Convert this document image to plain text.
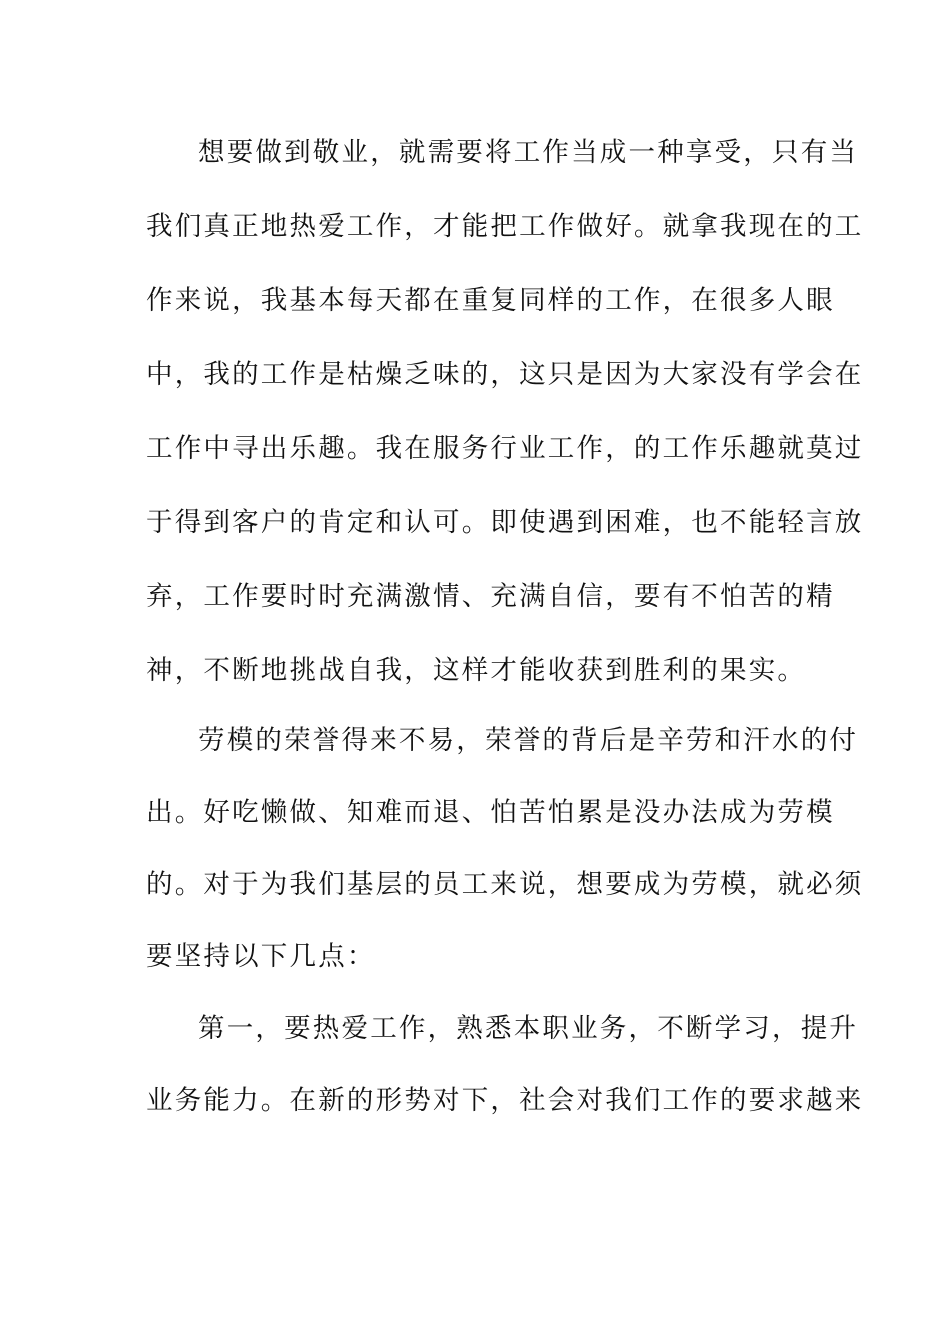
想要做到敬业，就需要将工作当成一种享受，只有当
我们真正地热爱工作，才能把工作做好。就拿我现在的工
作来说，我基本每天都在重复同样的工作，在很多人眼
中，我的工作是枯燥乏味的，这只是因为大家没有学会在
工作中寻出乐趣。我在服务行业工作，的工作乐趣就莫过
于得到客户的肯定和认可。即使遇到困难，也不能轻言放
弃，工作要时时充满激情、充满自信，要有不怕苦的精
神，不断地挑战自我，这样才能收获到胜利的果实。
劳模的荣誉得来不易，荣誉的背后是辛劳和汗水的付
出。好吃懒做、知难而退、怕苦怕累是没办法成为劳模
的。对于为我们基层的员工来说，想要成为劳模，就必须
要坚持以下几点：
第一，要热爱工作，熟悉本职业务，不断学习，提升
业务能力。在新的形势对下，社会对我们工作的要求越来
